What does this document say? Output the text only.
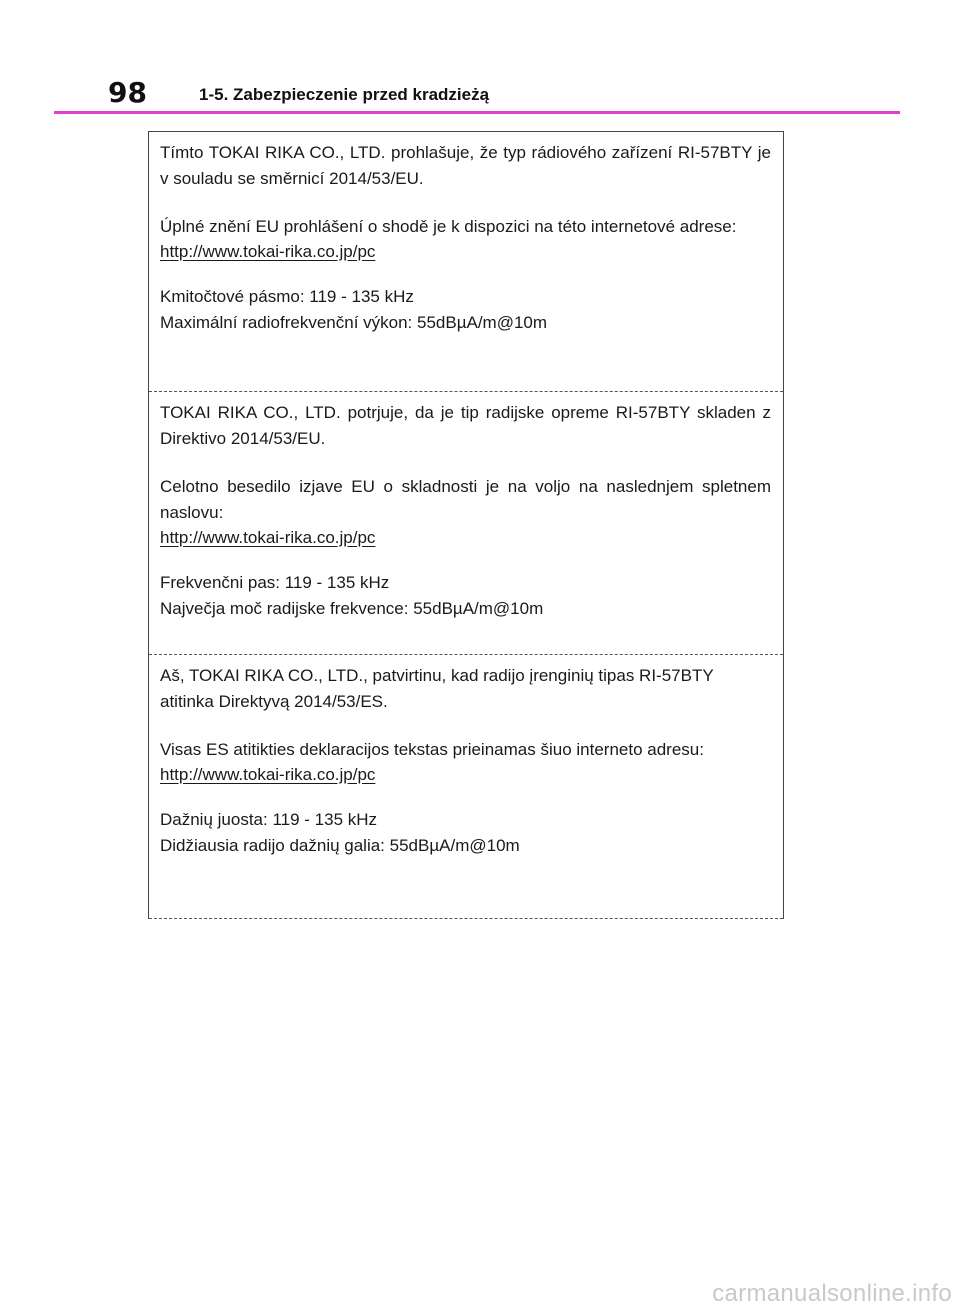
98	1-5. Zabezpieczenie przed kradzieżą

Tímto TOKAI RIKA CO., LTD. prohlašuje, že typ rádiového zařízení RI-57BTY je v souladu se směrnicí 2014/53/EU.

Úplné znění EU prohlášení o shodě je k dispozici na této internetové adrese:

http://www.tokai-rika.co.jp/pc

Kmitočtové pásmo: 119 - 135 kHz

Maximální radiofrekvenční výkon: 55dBµA/m@10m

TOKAI RIKA CO., LTD. potrjuje, da je tip radijske opreme RI-57BTY skladen z Direktivo 2014/53/EU.

Celotno besedilo izjave EU o skladnosti je na voljo na naslednjem spletnem naslovu:

http://www.tokai-rika.co.jp/pc

Frekvenčni pas: 119 - 135 kHz

Največja moč radijske frekvence: 55dBµA/m@10m

Aš, TOKAI RIKA CO., LTD., patvirtinu, kad radijo įrenginių tipas RI-57BTY atitinka Direktyvą 2014/53/ES.

Visas ES atitikties deklaracijos tekstas prieinamas šiuo interneto adresu:

http://www.tokai-rika.co.jp/pc

Dažnių juosta: 119 - 135 kHz

Didžiausia radijo dažnių galia: 55dBµA/m@10m

carmanualsonline.info
